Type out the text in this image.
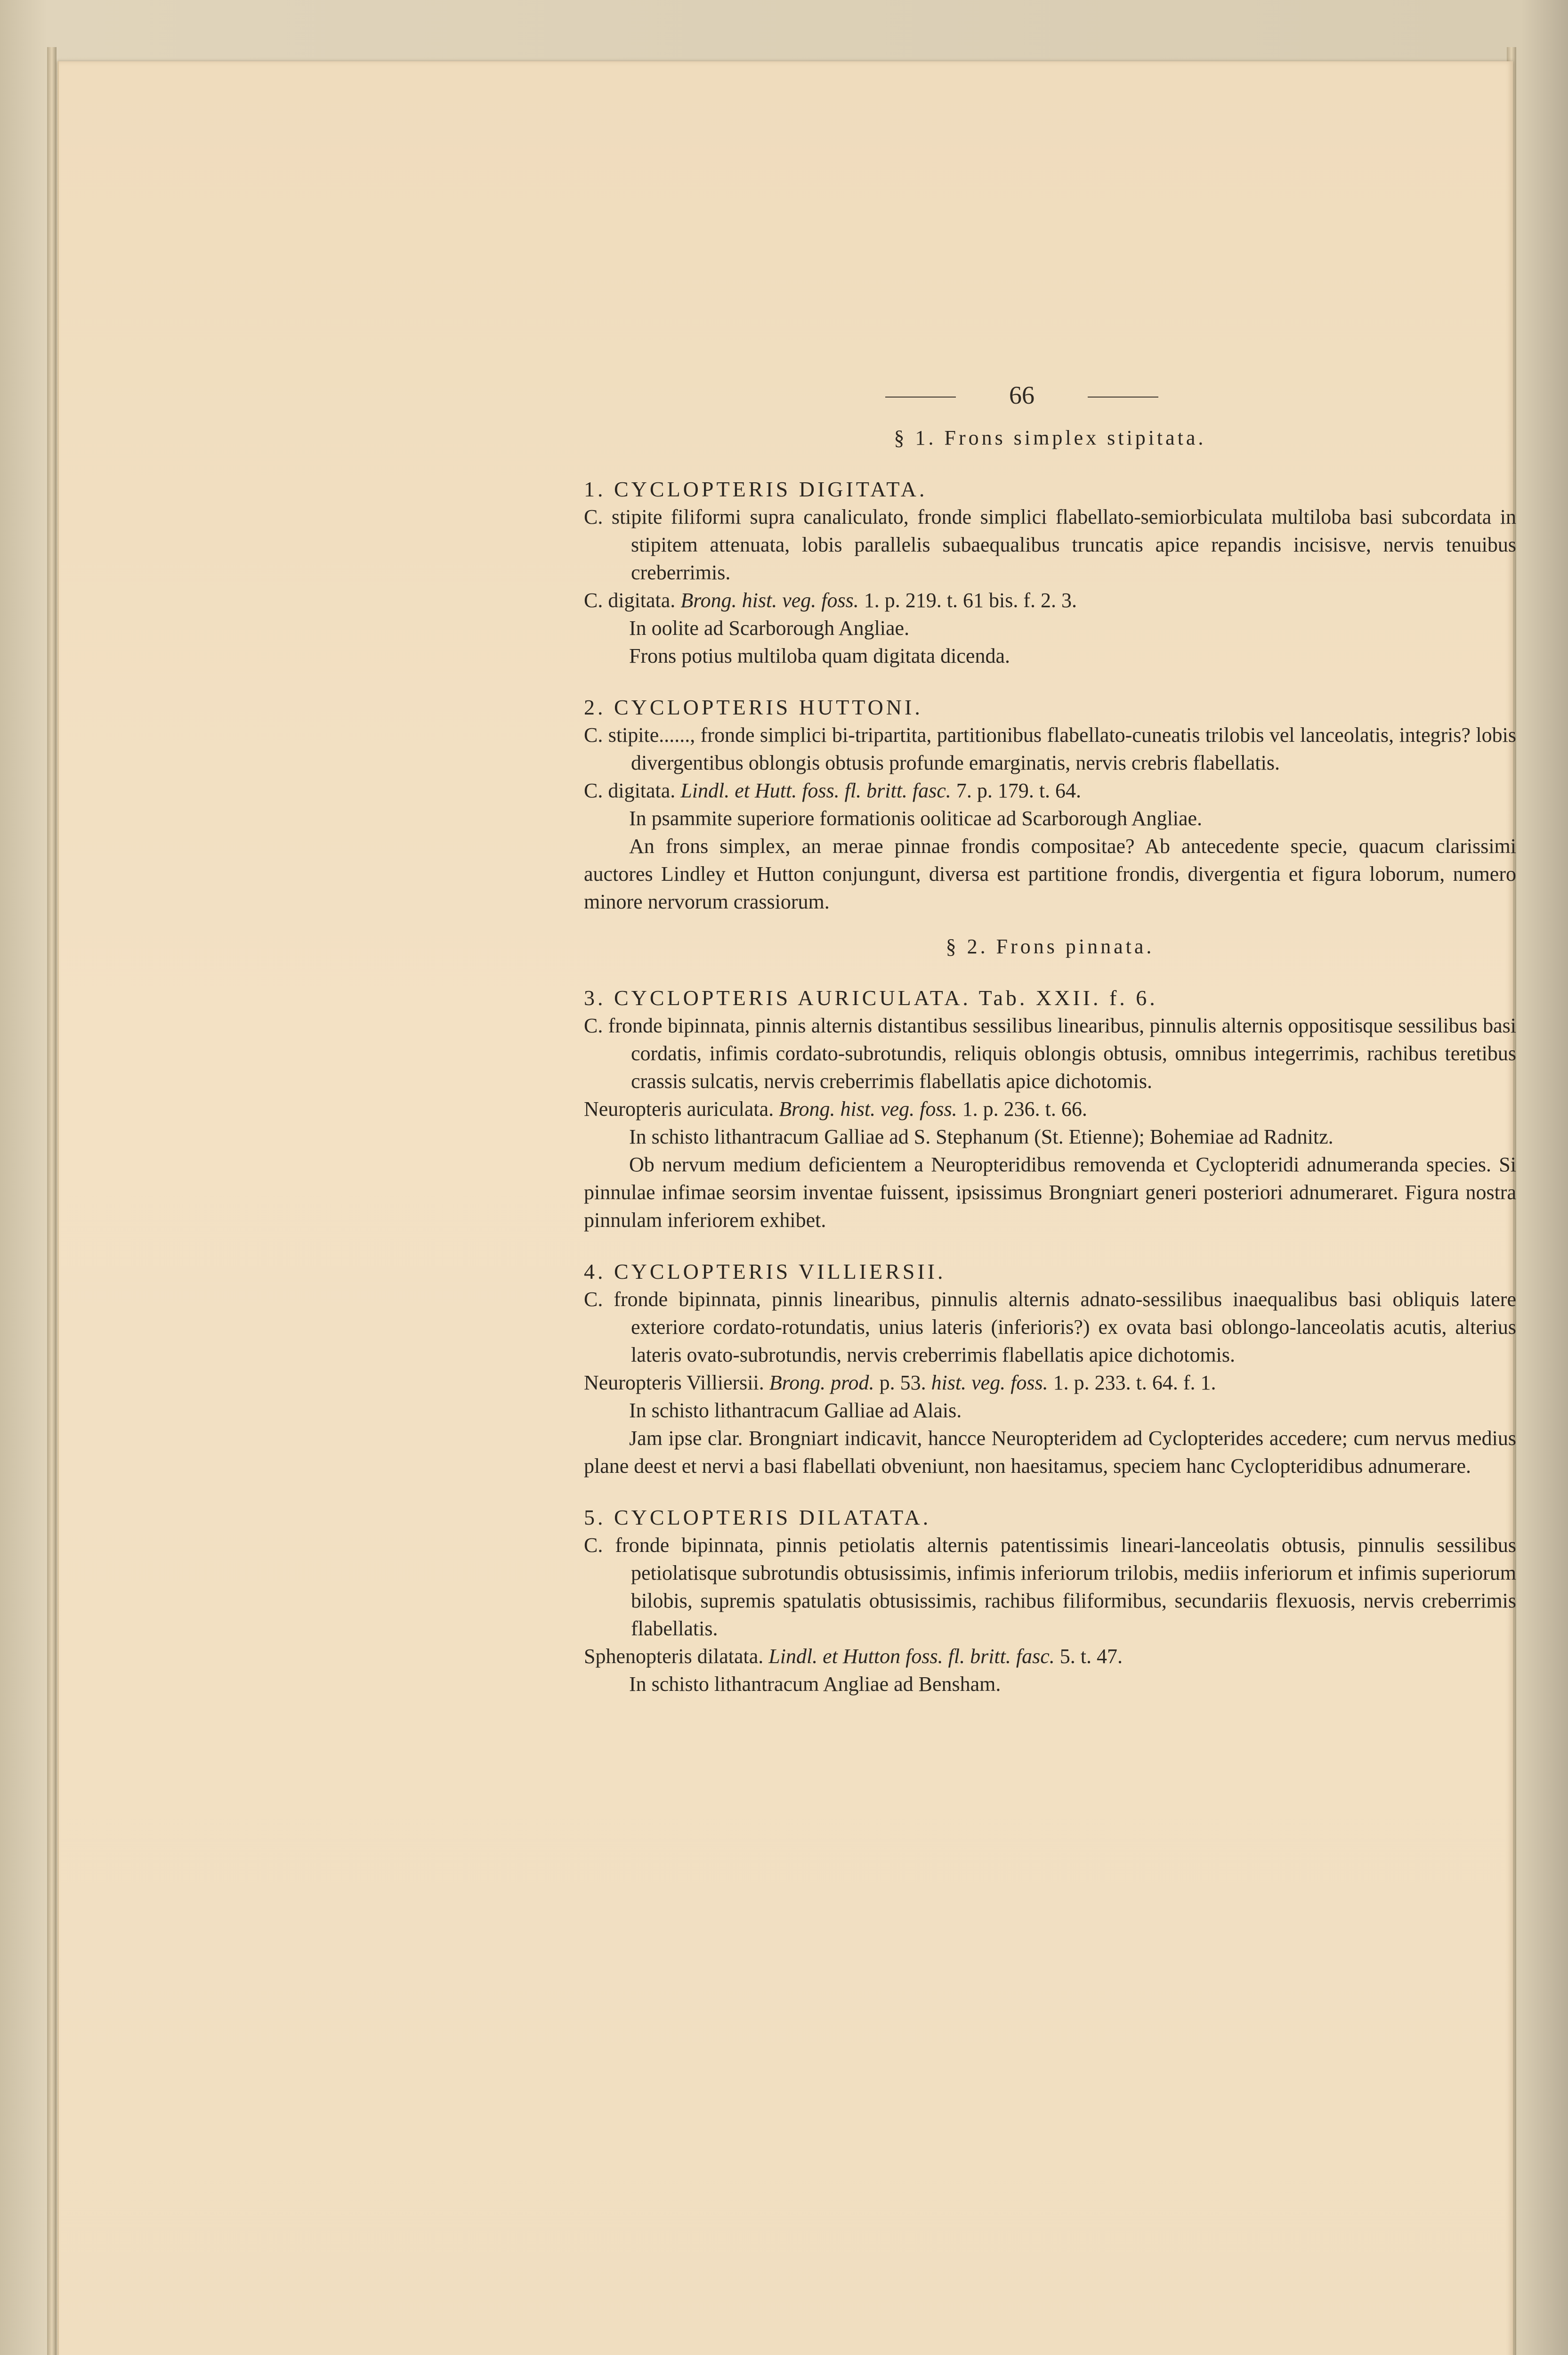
66
§ 1. Frons simplex stipitata.
1. CYCLOPTERIS DIGITATA.
C. stipite filiformi supra canaliculato, fronde simplici flabellato-semiorbiculata multiloba basi subcordata in stipitem attenuata, lobis parallelis subaequalibus truncatis apice repandis incisisve, nervis tenuibus creberrimis.
C. digitata. Brong. hist. veg. foss. 1. p. 219. t. 61 bis. f. 2. 3.
In oolite ad Scarborough Angliae.
Frons potius multiloba quam digitata dicenda.
2. CYCLOPTERIS HUTTONI.
C. stipite......, fronde simplici bi-tripartita, partitionibus flabellato-cuneatis trilobis vel lanceolatis, integris? lobis divergentibus oblongis obtusis profunde emarginatis, nervis crebris flabellatis.
C. digitata. Lindl. et Hutt. foss. fl. britt. fasc. 7. p. 179. t. 64.
In psammite superiore formationis ooliticae ad Scarborough Angliae.
An frons simplex, an merae pinnae frondis compositae? Ab antecedente specie, quacum clarissimi auctores Lindley et Hutton conjungunt, diversa est partitione frondis, divergentia et figura loborum, numero minore nervorum crassiorum.
§ 2. Frons pinnata.
3. CYCLOPTERIS AURICULATA. Tab. XXII. f. 6.
C. fronde bipinnata, pinnis alternis distantibus sessilibus linearibus, pinnulis alternis oppositisque sessilibus basi cordatis, infimis cordato-subrotundis, reliquis oblongis obtusis, omnibus integerrimis, rachibus teretibus crassis sulcatis, nervis creberrimis flabellatis apice dichotomis.
Neuropteris auriculata. Brong. hist. veg. foss. 1. p. 236. t. 66.
In schisto lithantracum Galliae ad S. Stephanum (St. Etienne); Bohemiae ad Radnitz.
Ob nervum medium deficientem a Neuropteridibus removenda et Cyclopteridi adnumeranda species. Si pinnulae infimae seorsim inventae fuissent, ipsissimus Brongniart generi posteriori adnumeraret. Figura nostra pinnulam inferiorem exhibet.
4. CYCLOPTERIS VILLIERSII.
C. fronde bipinnata, pinnis linearibus, pinnulis alternis adnato-sessilibus inaequalibus basi obliquis latere exteriore cordato-rotundatis, unius lateris (inferioris?) ex ovata basi oblongo-lanceolatis acutis, alterius lateris ovato-subrotundis, nervis creberrimis flabellatis apice dichotomis.
Neuropteris Villiersii. Brong. prod. p. 53. hist. veg. foss. 1. p. 233. t. 64. f. 1.
In schisto lithantracum Galliae ad Alais.
Jam ipse clar. Brongniart indicavit, hancce Neuropteridem ad Cyclopterides accedere; cum nervus medius plane deest et nervi a basi flabellati obveniunt, non haesitamus, speciem hanc Cyclopteridibus adnumerare.
5. CYCLOPTERIS DILATATA.
C. fronde bipinnata, pinnis petiolatis alternis patentissimis lineari-lanceolatis obtusis, pinnulis sessilibus petiolatisque subrotundis obtusissimis, infimis inferiorum trilobis, mediis inferiorum et infimis superiorum bilobis, supremis spatulatis obtusissimis, rachibus filiformibus, secundariis flexuosis, nervis creberrimis flabellatis.
Sphenopteris dilatata. Lindl. et Hutton foss. fl. britt. fasc. 5. t. 47.
In schisto lithantracum Angliae ad Bensham.
